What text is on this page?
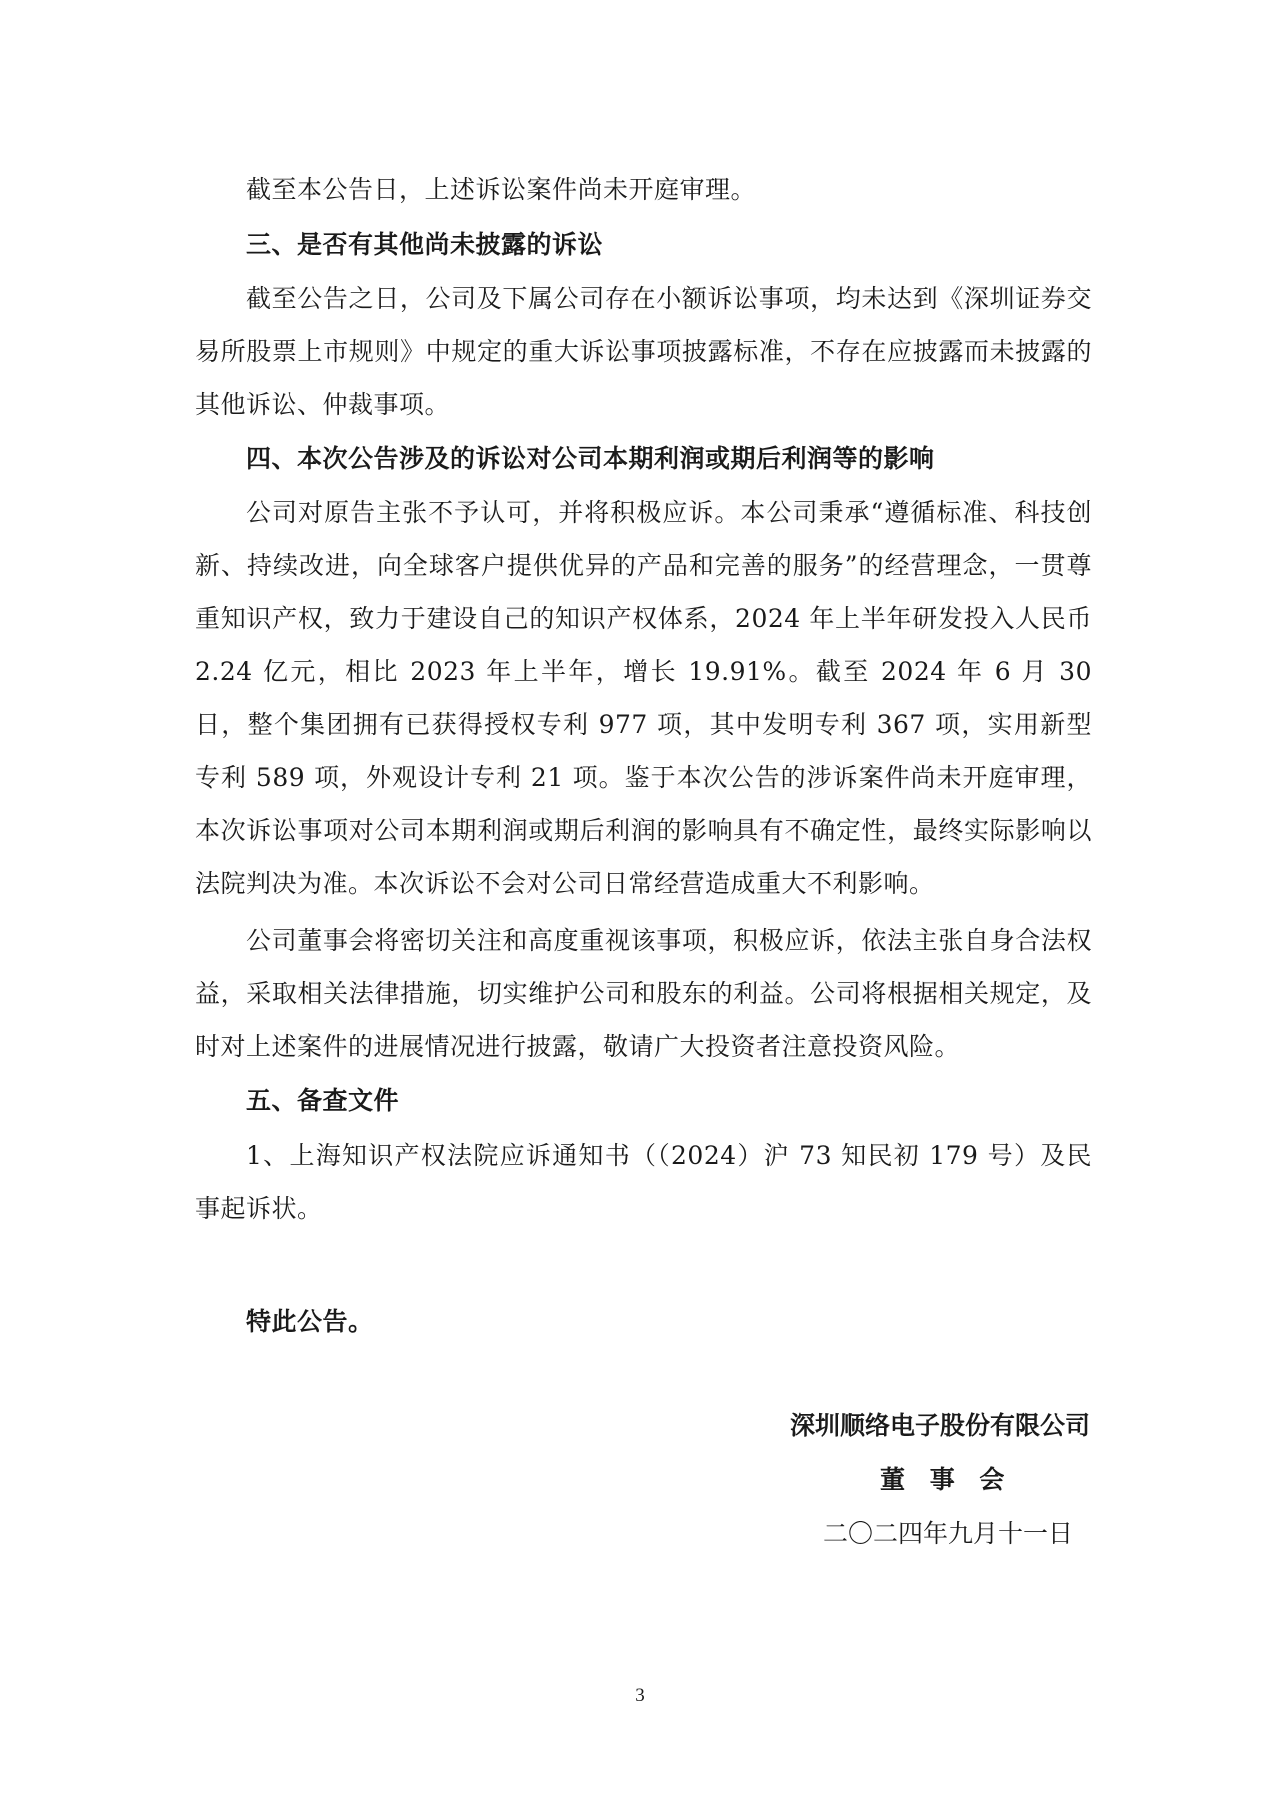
截至本公告日，上述诉讼案件尚未开庭审理。

三、是否有其他尚未披露的诉讼

截至公告之日，公司及下属公司存在小额诉讼事项，均未达到《深圳证券交易所股票上市规则》中规定的重大诉讼事项披露标准，不存在应披露而未披露的其他诉讼、仲裁事项。

四、本次公告涉及的诉讼对公司本期利润或期后利润等的影响

公司对原告主张不予认可，并将积极应诉。本公司秉承“遵循标准、科技创新、持续改进，向全球客户提供优异的产品和完善的服务”的经营理念，一贯尊重知识产权，致力于建设自己的知识产权体系，2024 年上半年研发投入人民币 2.24 亿元，相比 2023 年上半年，增长 19.91%。截至 2024 年 6 月 30 日，整个集团拥有已获得授权专利 977 项，其中发明专利 367 项，实用新型专利 589 项，外观设计专利 21 项。鉴于本次公告的涉诉案件尚未开庭审理，本次诉讼事项对公司本期利润或期后利润的影响具有不确定性，最终实际影响以法院判决为准。本次诉讼不会对公司日常经营造成重大不利影响。

公司董事会将密切关注和高度重视该事项，积极应诉，依法主张自身合法权益，采取相关法律措施，切实维护公司和股东的利益。公司将根据相关规定，及时对上述案件的进展情况进行披露，敬请广大投资者注意投资风险。

五、备查文件

1、上海知识产权法院应诉通知书（（2024）沪 73 知民初 179 号）及民事起诉状。

特此公告。

深圳顺络电子股份有限公司

董 事 会

二〇二四年九月十一日

3
